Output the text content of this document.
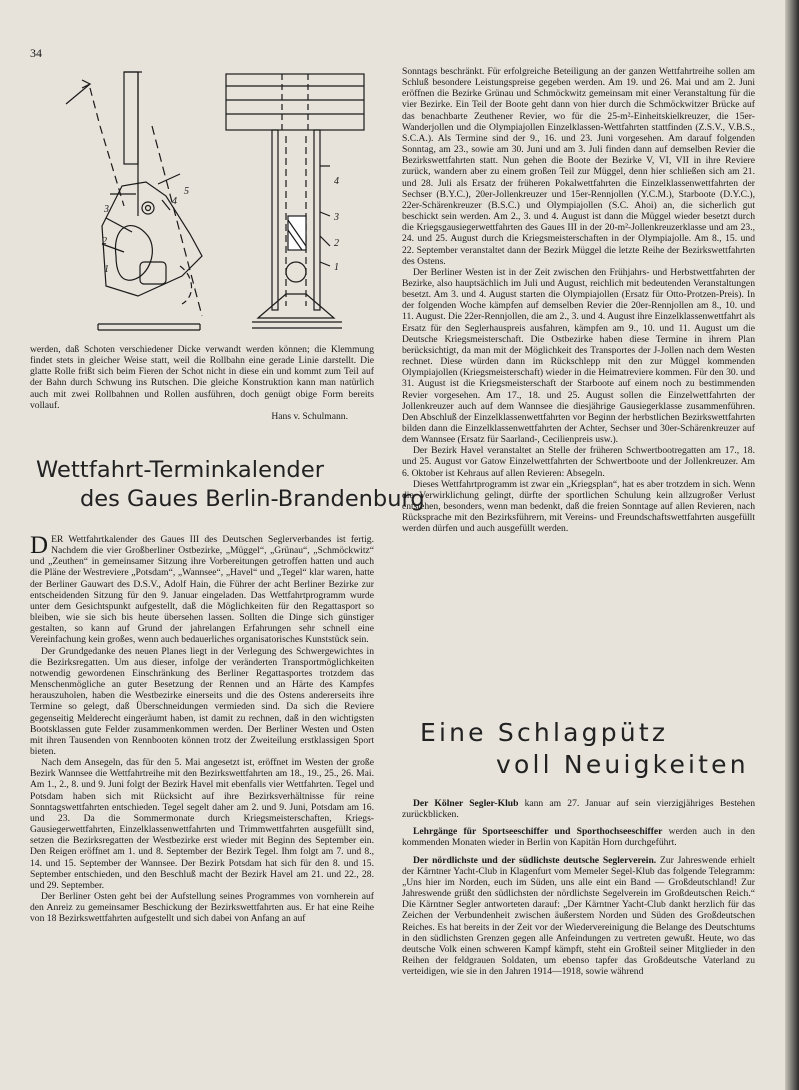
34
5
3
4
2
1
4
3
2
1

werden, daß Schoten verschiedener Dicke verwandt werden können; die Klemmung findet stets in gleicher Weise statt, weil die Rollbahn eine gerade Linie darstellt. Die glatte Rolle frißt sich beim Fieren der Schot nicht in diese ein und kommt zum Teil auf der Bahn durch Schwung ins Rutschen. Die gleiche Konstruktion kann man natürlich auch mit zwei Rollbahnen und Rollen ausführen, doch genügt obige Form bereits vollauf.

Hans v. Schulmann.

Wettfahrt-Terminkalender
des Gaues Berlin-Brandenburg

DER Wettfahrtkalender des Gaues III des Deutschen Seglerverbandes ist fertig. Nachdem die vier Großberliner Ostbezirke, „Müggel“, „Grünau“, „Schmöckwitz“ und „Zeuthen“ in gemeinsamer Sitzung ihre Vorbereitungen getroffen hatten und auch die Pläne der Westreviere „Potsdam“, „Wannsee“, „Havel“ und „Tegel“ klar waren, hatte der Berliner Gauwart des D.S.V., Adolf Hain, die Führer der acht Berliner Bezirke zur entscheidenden Sitzung für den 9. Januar eingeladen. Das Wettfahrtprogramm wurde unter dem Gesichtspunkt aufgestellt, daß die Möglichkeiten für den Regattasport so bleiben, wie sie sich bis heute übersehen lassen. Sollten die Dinge sich günstiger gestalten, so kann auf Grund der jahrelangen Erfahrungen sehr schnell eine Vereinfachung kein großes, wenn auch bedauerliches organisatorisches Kunststück sein.

Der Grundgedanke des neuen Planes liegt in der Verlegung des Schwergewichtes in die Bezirksregatten. Um aus dieser, infolge der veränderten Transportmöglichkeiten notwendig gewordenen Einschränkung des Berliner Regattasportes trotzdem das Menschenmögliche an guter Besetzung der Rennen und an Härte des Kampfes herauszuholen, haben die Westbezirke einerseits und die des Ostens andererseits ihre Termine so gelegt, daß Überschneidungen vermieden sind. Da sich die Reviere gegenseitig Melderecht eingeräumt haben, ist damit zu rechnen, daß in den wichtigsten Bootsklassen gute Felder zusammenkommen werden. Der Berliner Westen und Osten mit ihren Tausenden von Rennbooten können trotz der Zweiteilung erstklassigen Sport bieten.

Nach dem Ansegeln, das für den 5. Mai angesetzt ist, eröffnet im Westen der große Bezirk Wannsee die Wettfahrtreihe mit den Bezirkswettfahrten am 18., 19., 25., 26. Mai. Am 1., 2., 8. und 9. Juni folgt der Bezirk Havel mit ebenfalls vier Wettfahrten. Tegel und Potsdam haben sich mit Rücksicht auf ihre Bezirksverhältnisse für reine Sonntagswettfahrten entschieden. Tegel segelt daher am 2. und 9. Juni, Potsdam am 16. und 23. Da die Sommermonate durch Kriegsmeisterschaften, Kriegs-Gausiegerwettfahrten, Einzelklassenwettfahrten und Trimmwettfahrten ausgefüllt sind, setzen die Bezirksregatten der Westbezirke erst wieder mit Beginn des September ein. Den Reigen eröffnet am 1. und 8. September der Bezirk Tegel. Ihm folgt am 7. und 8., 14. und 15. September der Wannsee. Der Bezirk Potsdam hat sich für den 8. und 15. September entschieden, und den Beschluß macht der Bezirk Havel am 21. und 22., 28. und 29. September.

Der Berliner Osten geht bei der Aufstellung seines Programmes von vornherein auf den Anreiz zu gemeinsamer Beschickung der Bezirkswettfahrten aus. Er hat eine Reihe von 18 Bezirkswettfahrten aufgestellt und sich dabei von Anfang an auf

Sonntags beschränkt. Für erfolgreiche Beteiligung an der ganzen Wettfahrtreihe sollen am Schluß besondere Leistungspreise gegeben werden. Am 19. und 26. Mai und am 2. Juni eröffnen die Bezirke Grünau und Schmöckwitz gemeinsam mit einer Veranstaltung für die vier Bezirke. Ein Teil der Boote geht dann von hier durch die Schmöckwitzer Brücke auf das benachbarte Zeuthener Revier, wo für die 25-m²-Einheitskielkreuzer, die 15er-Wanderjollen und die Olympiajollen Einzelklassen-Wettfahrten stattfinden (Z.S.V., V.B.S., S.C.A.). Als Termine sind der 9., 16. und 23. Juni vorgesehen. Am darauf folgenden Sonntag, am 23., sowie am 30. Juni und am 3. Juli finden dann auf demselben Revier die Bezirkswettfahrten statt. Nun gehen die Boote der Bezirke V, VI, VII in ihre Reviere zurück, wandern aber zu einem großen Teil zur Müggel, denn hier schließen sich am 21. und 28. Juli als Ersatz der früheren Pokalwettfahrten die Einzelklassenwettfahrten der Sechser (B.Y.C.), 20er-Jollenkreuzer und 15er-Rennjollen (Y.C.M.), Starboote (D.Y.C.), 22er-Schärenkreuzer (B.S.C.) und Olympiajollen (S.C. Ahoi) an, die sicherlich gut beschickt sein werden. Am 2., 3. und 4. August ist dann die Müggel wieder besetzt durch die Kriegsgausiegerwettfahrten des Gaues III in der 20-m²-Jollenkreuzerklasse und am 23., 24. und 25. August durch die Kriegsmeisterschaften in der Olympiajolle. Am 8., 15. und 22. September veranstaltet dann der Bezirk Müggel die letzte Reihe der Bezirkswettfahrten des Ostens.

Der Berliner Westen ist in der Zeit zwischen den Frühjahrs- und Herbstwettfahrten der Bezirke, also hauptsächlich im Juli und August, reichlich mit bedeutenden Veranstaltungen besetzt. Am 3. und 4. August starten die Olympiajollen (Ersatz für Otto-Protzen-Preis). In der folgenden Woche kämpfen auf demselben Revier die 20er-Rennjollen am 8., 10. und 11. August. Die 22er-Rennjollen, die am 2., 3. und 4. August ihre Einzelklassenwettfahrt als Ersatz für den Seglerhauspreis ausfahren, kämpfen am 9., 10. und 11. August um die Deutsche Kriegsmeisterschaft. Die Ostbezirke haben diese Termine in ihrem Plan berücksichtigt, da man mit der Möglichkeit des Transportes der J-Jollen nach dem Westen rechnet. Diese würden dann im Rückschlepp mit den zur Müggel kommenden Olympiajollen (Kriegsmeisterschaft) wieder in die Heimatreviere kommen. Für den 30. und 31. August ist die Kriegsmeisterschaft der Starboote auf einem noch zu bestimmenden Revier vorgesehen. Am 17., 18. und 25. August sollen die Einzelwettfahrten der Jollenkreuzer auch auf dem Wannsee die diesjährige Gausiegerklasse zusammenführen. Den Abschluß der Einzelklassenwettfahrten vor Beginn der herbstlichen Bezirkswettfahrten bilden dann die Einzelklassenwettfahrten der Achter, Sechser und 30er-Schärenkreuzer auf dem Wannsee (Ersatz für Saarland-, Cecilienpreis usw.).

Der Bezirk Havel veranstaltet an Stelle der früheren Schwertbootregatten am 17., 18. und 25. August vor Gatow Einzelwettfahrten der Schwertboote und der Jollenkreuzer. Am 6. Oktober ist Kehraus auf allen Revieren: Absegeln.

Dieses Wettfahrtprogramm ist zwar ein „Kriegsplan“, hat es aber trotzdem in sich. Wenn die Verwirklichung gelingt, dürfte der sportlichen Schulung kein allzugroßer Verlust entstehen, besonders, wenn man bedenkt, daß die freien Sonntage auf allen Revieren, nach Rücksprache mit den Bezirksführern, mit Vereins- und Freundschaftswettfahrten ausgefüllt werden dürfen und auch ausgefüllt werden.

Eine Schlagpütz
voll Neuigkeiten

Der Kölner Segler-Klub kann am 27. Januar auf sein vierzigjähriges Bestehen zurückblicken.

Lehrgänge für Sportseeschiffer und Sporthochseeschiffer werden auch in den kommenden Monaten wieder in Berlin von Kapitän Horn durchgeführt.

Der nördlichste und der südlichste deutsche Seglerverein. Zur Jahreswende erhielt der Kärntner Yacht-Club in Klagenfurt vom Memeler Segel-Klub das folgende Telegramm: „Uns hier im Norden, euch im Süden, uns alle eint ein Band — Großdeutschland! Zur Jahreswende grüßt den südlichsten der nördlichste Segelverein im Großdeutschen Reich.“ Die Kärntner Segler antworteten darauf: „Der Kärntner Yacht-Club dankt herzlich für das Zeichen der Verbundenheit zwischen äußerstem Norden und Süden des Großdeutschen Reiches. Es hat bereits in der Zeit vor der Wiedervereinigung die Belange des Deutschtums in den südlichsten Grenzen gegen alle Anfeindungen zu vertreten gewußt. Heute, wo das deutsche Volk einen schweren Kampf kämpft, steht ein Großteil seiner Mitglieder in den Reihen der feldgrauen Soldaten, um ebenso tapfer das Großdeutsche Vaterland zu verteidigen, wie sie in den Jahren 1914—1918, sowie während
